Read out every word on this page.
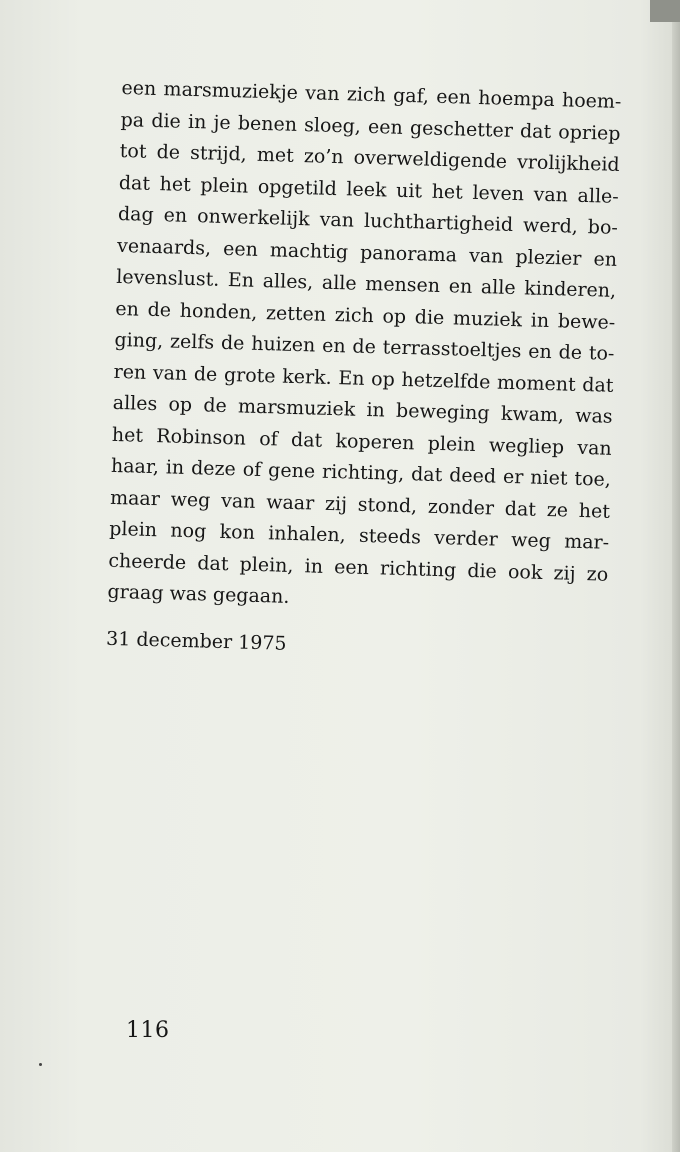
​

​

​

​

​

​

​

​

​

​

​

​

een marsmuziekje van zich gaf, een hoempa hoem-
pa die in je benen sloeg, een geschetter dat opriep
tot de strijd, met zo’n overweldigende vrolijkheid
dat het plein opgetild leek uit het leven van alle-
dag en onwerkelijk van luchthartigheid werd, bo-
venaards, een machtig panorama van plezier en
levenslust. En alles, alle mensen en alle kinderen,
en de honden, zetten zich op die muziek in bewe-
ging, zelfs de huizen en de terrasstoeltjes en de to-
ren van de grote kerk. En op hetzelfde moment dat
alles op de marsmuziek in beweging kwam, was
het Robinson of dat koperen plein wegliep van
haar, in deze of gene richting, dat deed er niet toe,
maar weg van waar zij stond, zonder dat ze het
plein nog kon inhalen, steeds verder weg mar-
cheerde dat plein, in een richting die ook zij zo
graag was gegaan.
31 december 1975
116
